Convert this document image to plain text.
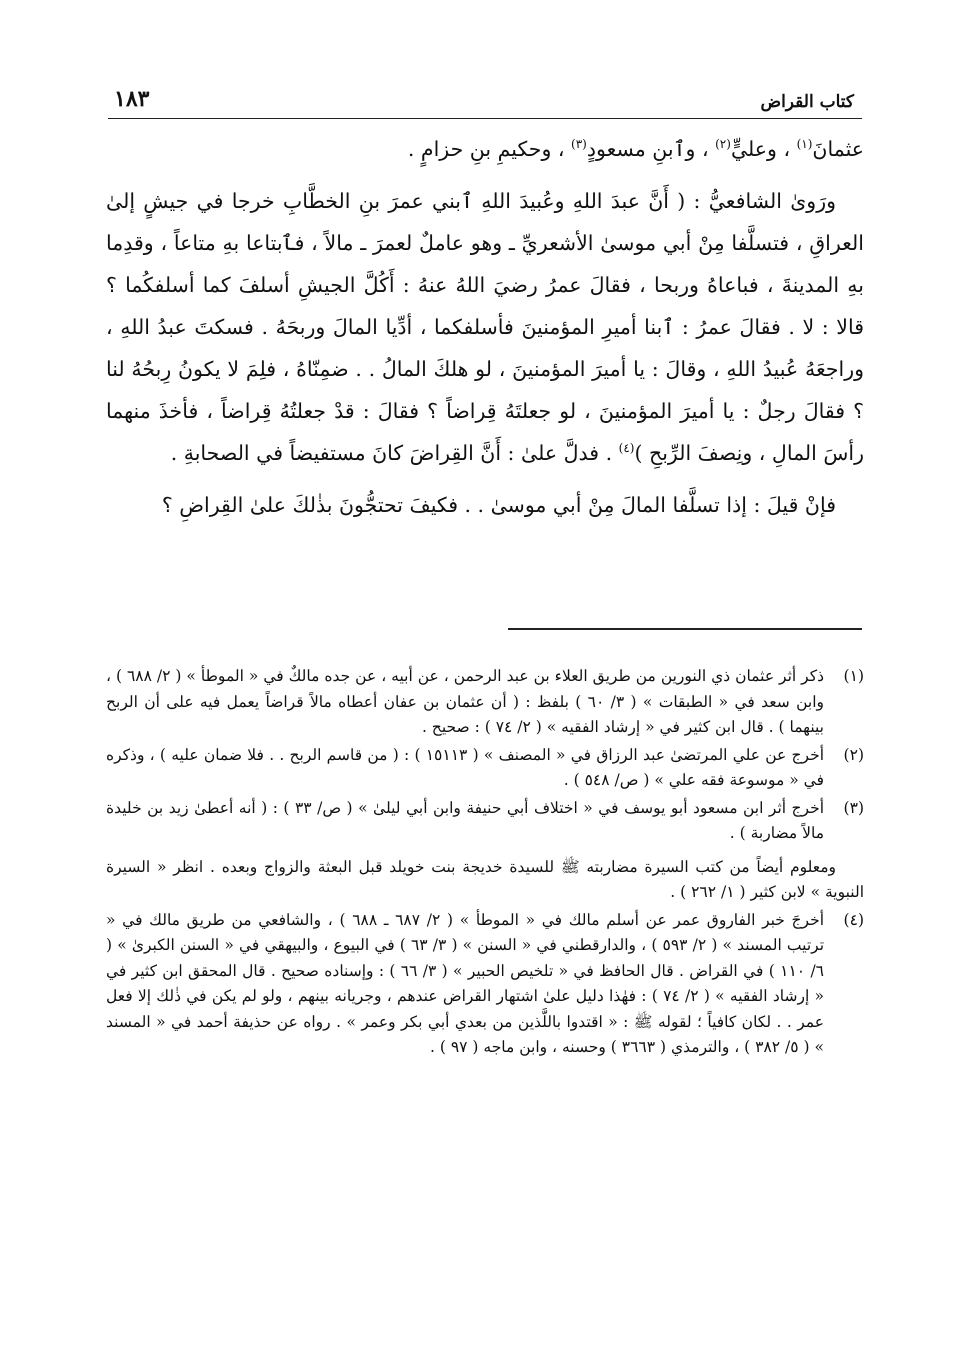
كتاب القراض
١٨٣

عثمانَ$^{(١)}$ ، وعليٍّ$^{(٢)}$ ، وٱبنِ مسعودٍ$^{(٣)}$ ، وحكيمِ بنِ حزامٍ .

ورَوىٰ الشافعيُّ : ( أَنَّ عبدَ اللهِ وعُبيدَ اللهِ ٱبني عمرَ بنِ الخطَّابِ خرجا في جيشٍ إلىٰ العراقِ ، فتسلَّفا مِنْ أبي موسىٰ الأشعريِّ ـ وهو عاملٌ لعمرَ ـ مالاً ، فٱبتاعا بهِ متاعاً ، وقدِما بهِ المدينةَ ، فباعاهُ وربحا ، فقالَ عمرُ رضيَ اللهُ عنهُ : أَكُلَّ الجيشِ أسلفَ كما أسلفكُما ؟ قالا : لا . فقالَ عمرُ : ٱبنا أميرِ المؤمنينَ فأسلفكما ، أدِّيا المالَ وربحَهُ . فسكتَ عبدُ اللهِ ، وراجعَهُ عُبيدُ اللهِ ، وقالَ : يا أميرَ المؤمنينَ ، لو هلكَ المالُ . . ضمِنّاهُ ، فلِمَ لا يكونُ رِبحُهُ لنا ؟ فقالَ رجلٌ : يا أميرَ المؤمنينَ ، لو جعلتَهُ قِراضاً ؟ فقالَ : قدْ جعلتُهُ قِراضاً ، فأخذَ منهما رأسَ المالِ ، ونِصفَ الرِّبحِ )$^{(٤)}$ . فدلَّ علىٰ : أَنَّ القِراضَ كانَ مستفيضاً في الصحابةِ .

فإنْ قيلَ : إذا تسلَّفا المالَ مِنْ أبي موسىٰ . . فكيفَ تحتجُّونَ بذٰلكَ علىٰ القِراضِ ؟

(١)
ذكر أثر عثمان ذي النورين من طريق العلاء بن عبد الرحمن ، عن أبيه ، عن جده مالكٌ في « الموطأ » ( ٢/ ٦٨٨ ) ، وابن سعد في « الطبقات » ( ٣/ ٦٠ ) بلفظ : ( أن عثمان بن عفان أعطاه مالاً قراضاً يعمل فيه على أن الربح بينهما ) . قال ابن كثير في « إرشاد الفقيه » ( ٢/ ٧٤ ) : صحيح .
(٢)
أخرج عن علي المرتضىٰ عبد الرزاق في « المصنف » ( ١٥١١٣ ) : ( من قاسم الربح . . فلا ضمان عليه ) ، وذكره في « موسوعة فقه علي » ( ص/ ٥٤٨ ) .
(٣)
أخرج أثر ابن مسعود أبو يوسف في « اختلاف أبي حنيفة وابن أبي ليلىٰ » ( ص/ ٣٣ ) : ( أنه أعطىٰ زيد بن خليدة مالاً مضاربة ) .
ومعلوم أيضاً من كتب السيرة مضاربته ﷺ للسيدة خديجة بنت خويلد قبل البعثة والزواج وبعده . انظر « السيرة النبوية » لابن كثير ( ١/ ٢٦٢ ) .
(٤)
أخرجَ خبر الفاروق عمر عن أسلم مالك في « الموطأ » ( ٢/ ٦٨٧ ـ ٦٨٨ ) ، والشافعي من طريق مالك في « ترتيب المسند » ( ٢/ ٥٩٣ ) ، والدارقطني في « السنن » ( ٣/ ٦٣ ) في البيوع ، والبيهقي في « السنن الكبرىٰ » ( ٦/ ١١٠ ) في القراض . قال الحافظ في « تلخيص الحبير » ( ٣/ ٦٦ ) : وإسناده صحيح . قال المحقق ابن كثير في « إرشاد الفقيه » ( ٢/ ٧٤ ) : فهٰذا دليل علىٰ اشتهار القراض عندهم ، وجريانه بينهم ، ولو لم يكن في ذٰلك إلا فعل عمر . . لكان كافياً ؛ لقوله ﷺ : « اقتدوا باللَّذين من بعدي أبي بكر وعمر » . رواه عن حذيفة أحمد في « المسند » ( ٥/ ٣٨٢ ) ، والترمذي ( ٣٦٦٣ ) وحسنه ، وابن ماجه ( ٩٧ ) .
